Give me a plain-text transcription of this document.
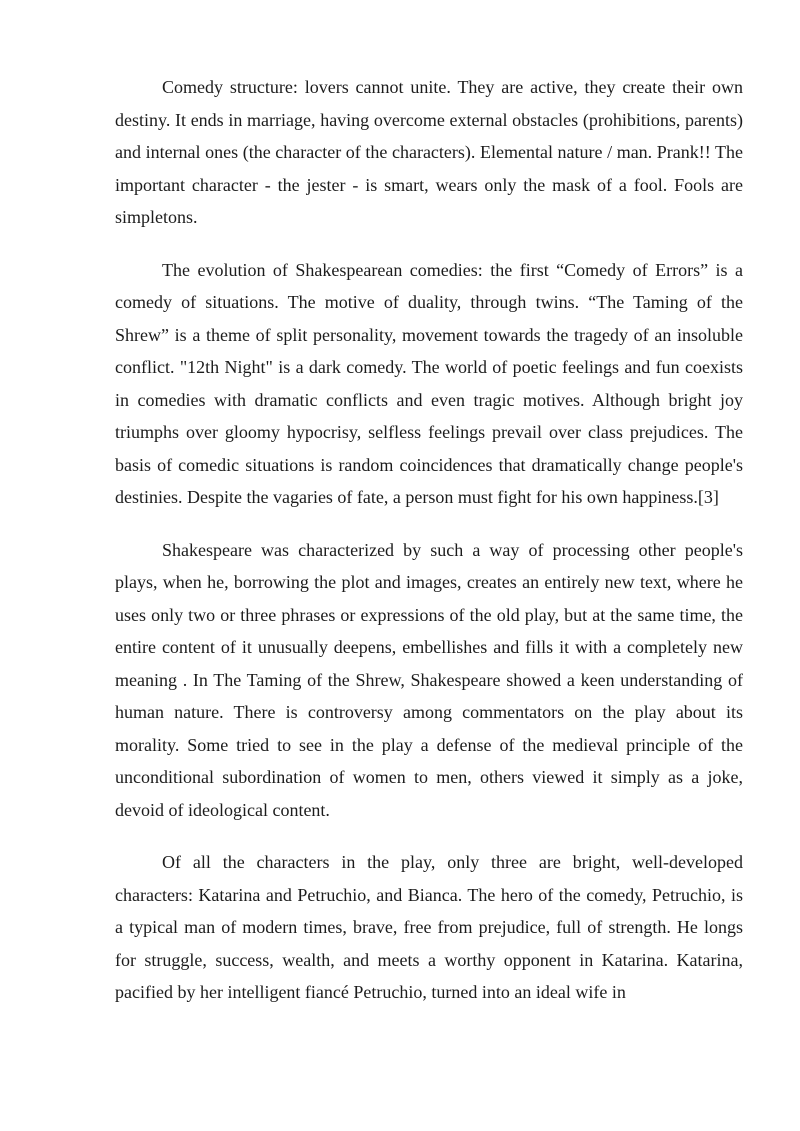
Comedy structure: lovers cannot unite. They are active, they create their own destiny. It ends in marriage, having overcome external obstacles (prohibitions, parents) and internal ones (the character of the characters). Elemental nature / man. Prank!! The important character - the jester - is smart, wears only the mask of a fool. Fools are simpletons.

The evolution of Shakespearean comedies: the first “Comedy of Errors” is a comedy of situations. The motive of duality, through twins. “The Taming of the Shrew” is a theme of split personality, movement towards the tragedy of an insoluble conflict. "12th Night" is a dark comedy. The world of poetic feelings and fun coexists in comedies with dramatic conflicts and even tragic motives. Although bright joy triumphs over gloomy hypocrisy, selfless feelings prevail over class prejudices. The basis of comedic situations is random coincidences that dramatically change people's destinies. Despite the vagaries of fate, a person must fight for his own happiness.[3]

Shakespeare was characterized by such a way of processing other people's plays, when he, borrowing the plot and images, creates an entirely new text, where he uses only two or three phrases or expressions of the old play, but at the same time, the entire content of it unusually deepens, embellishes and fills it with a completely new meaning . In The Taming of the Shrew, Shakespeare showed a keen understanding of human nature. There is controversy among commentators on the play about its morality. Some tried to see in the play a defense of the medieval principle of the unconditional subordination of women to men, others viewed it simply as a joke, devoid of ideological content.

Of all the characters in the play, only three are bright, well-developed characters: Katarina and Petruchio, and Bianca. The hero of the comedy, Petruchio, is a typical man of modern times, brave, free from prejudice, full of strength. He longs for struggle, success, wealth, and meets a worthy opponent in Katarina. Katarina, pacified by her intelligent fiancé Petruchio, turned into an ideal wife in
